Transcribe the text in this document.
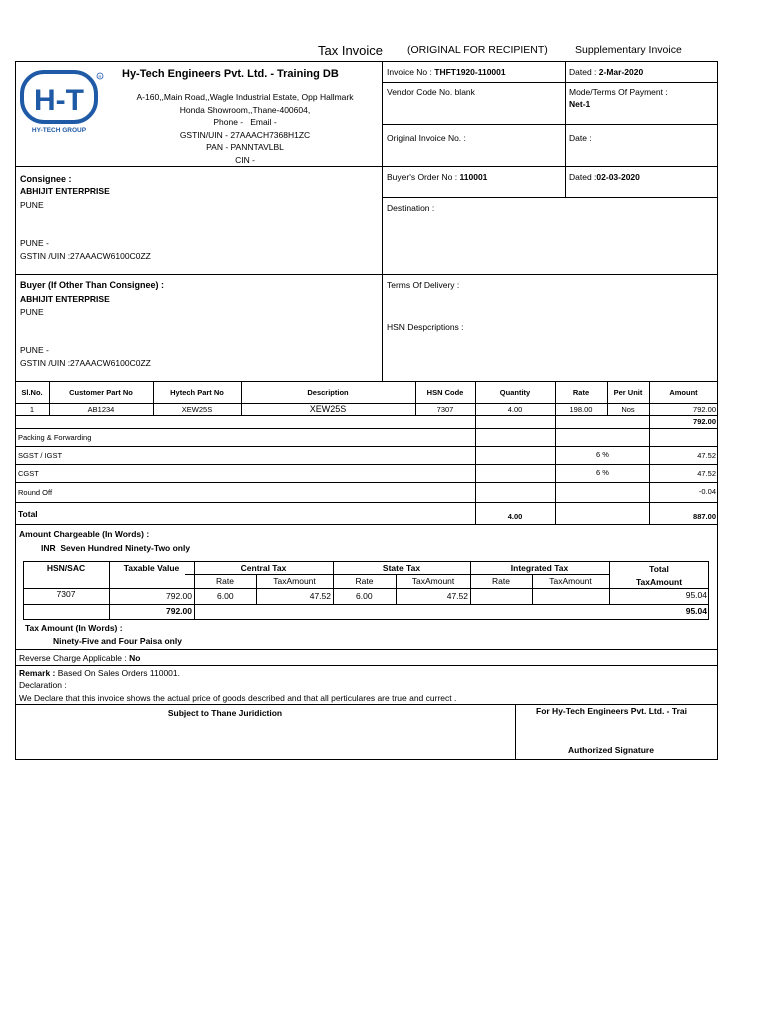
Tax Invoice (ORIGINAL FOR RECIPIENT)	Supplementary Invoice
H-T
R
HY-TECH GROUP
Hy-Tech Engineers Pvt. Ltd. - Training DB
A-160,,Main Road,,Wagle Industrial Estate, Opp Hallmark
Honda Showroom,,Thane-400604,
Phone -   Email -
GSTIN/UIN - 27AAACH7368H1ZC
PAN - PANNTAVLBL
CIN -
Invoice No : THFT1920-110001	Dated : 2-Mar-2020
Vendor Code No. blank	Mode/Terms Of Payment :
Net-1
Original Invoice No. :	Date :
Buyer's Order No : 110001	Dated :02-03-2020
Destination :
Terms Of Delivery :
HSN Despcriptions :
Consignee :
ABHIJIT ENTERPRISE
PUNE
PUNE -
GSTIN /UIN :27AAACW6100C0ZZ
Buyer (If Other Than Consignee) :
ABHIJIT ENTERPRISE
PUNE
PUNE -
GSTIN /UIN :27AAACW6100C0ZZ
Sl.No.	Customer Part No	Hytech Part No	Description	HSN Code	Quantity	Rate	Per Unit	Amount
1	AB1234	XEW25S	XEW25S	7307	4.00	198.00	Nos	792.00
792.00
Packing & Forwarding
SGST / IGST	6 %	47.52
CGST	6 %	47.52
Round Off	-0.04
Total	4.00	887.00
Amount Chargeable (In Words) :
INR  Seven Hundred Ninety-Two only
HSN/SAC	Taxable Value	Central Tax	State Tax	Integrated Tax	Total
TaxAmount
Rate	TaxAmount	Rate	TaxAmount	Rate	TaxAmount
7307	792.00	6.00	47.52	6.00	47.52	95.04
792.00	95.04
Tax Amount (In Words) :
Ninety-Five and Four Paisa only
Reverse Charge Applicable : No
Remark : Based On Sales Orders 110001.
Declaration :
We Declare that this invoice shows the actual price of goods described and that all perticulares are true and currect .
Subject to Thane Juridiction	For Hy-Tech Engineers Pvt. Ltd. - Trai
Authorized Signature
